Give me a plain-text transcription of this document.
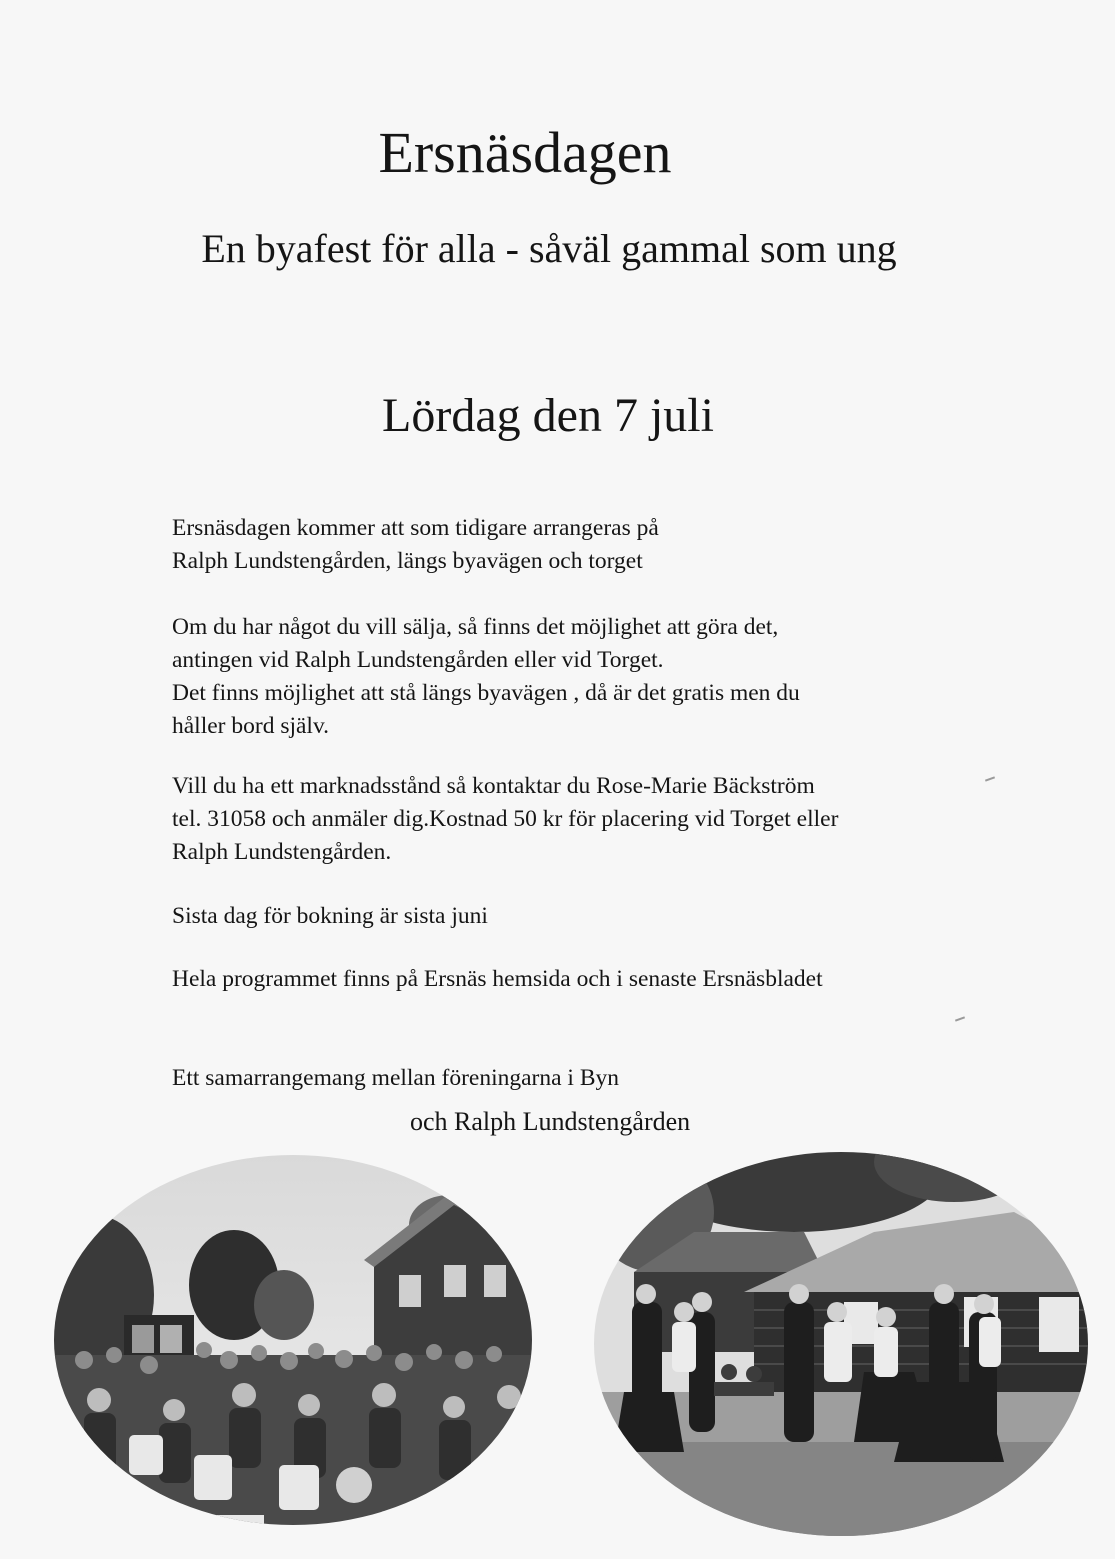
Ersnäsdagen
En byafest för alla - såväl gammal som ung
Lördag den 7 juli
Ersnäsdagen kommer att som tidigare arrangeras på
Ralph Lundstengården, längs byavägen och torget
Om du har något du vill sälja, så finns det möjlighet att göra det,
antingen vid Ralph Lundstengården eller vid Torget.
Det finns möjlighet att stå längs byavägen , då är det gratis men du
håller bord själv.
Vill du ha ett marknadsstånd så kontaktar du Rose-Marie Bäckström
tel. 31058 och anmäler dig.Kostnad 50 kr för placering vid Torget eller
Ralph Lundstengården.
Sista dag för bokning är sista juni
Hela programmet finns på Ersnäs hemsida och i senaste Ersnäsbladet
Ett samarrangemang mellan föreningarna i Byn
och Ralph Lundstengården
